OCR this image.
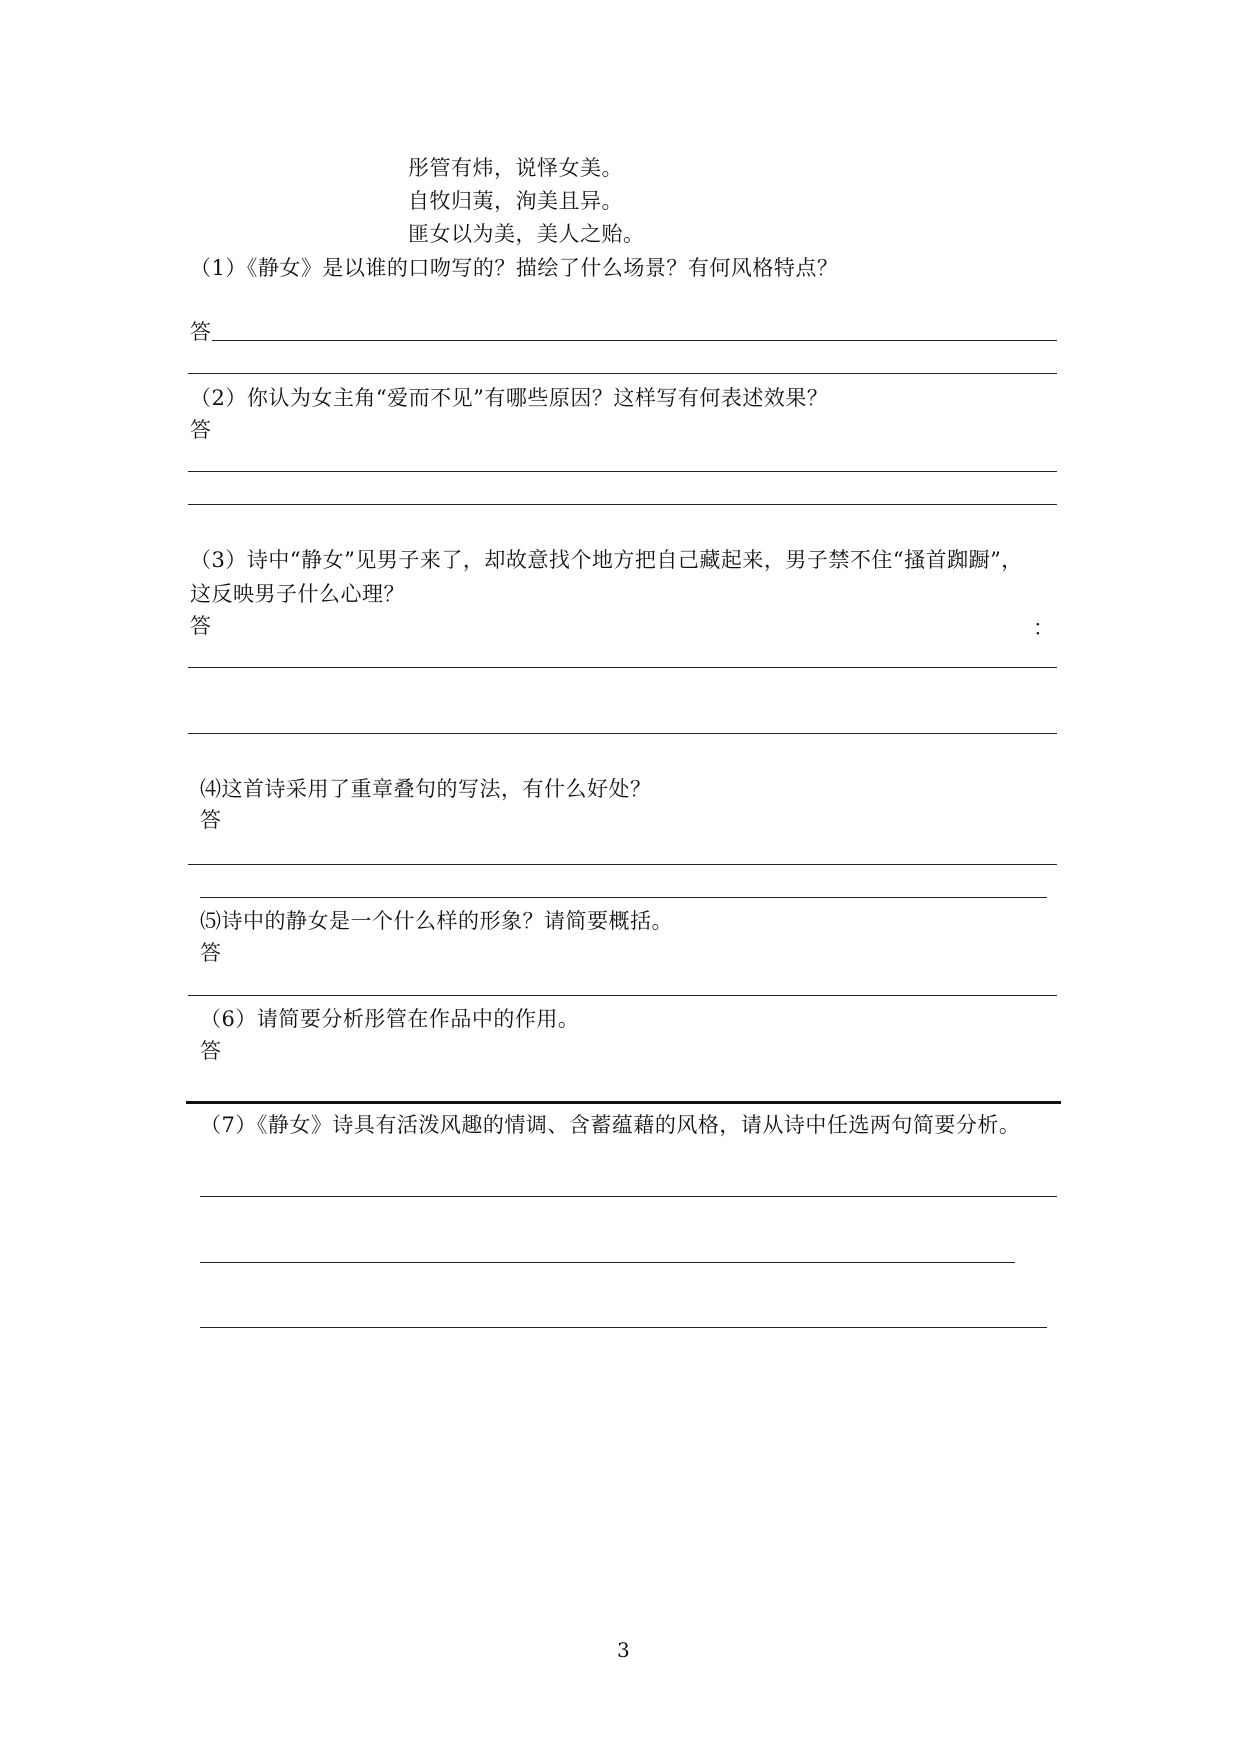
彤管有炜，说怿女美。
自牧归荑，洵美且异。
匪女以为美，美人之贻。
（1）《静女》是以谁的口吻写的？描绘了什么场景？有何风格特点？
答
（2）你认为女主角“爱而不见”有哪些原因？这样写有何表述效果？
答
（3）诗中“静女”见男子来了，却故意找个地方把自己藏起来，男子禁不住“搔首踟蹰”，
这反映男子什么心理？
答	：
⑷这首诗采用了重章叠句的写法，有什么好处？
答
⑸诗中的静女是一个什么样的形象？请简要概括。
答
（6）请简要分析彤管在作品中的作用。
答
（7）《静女》诗具有活泼风趣的情调、含蓄蕴藉的风格，请从诗中任选两句简要分析。
3
